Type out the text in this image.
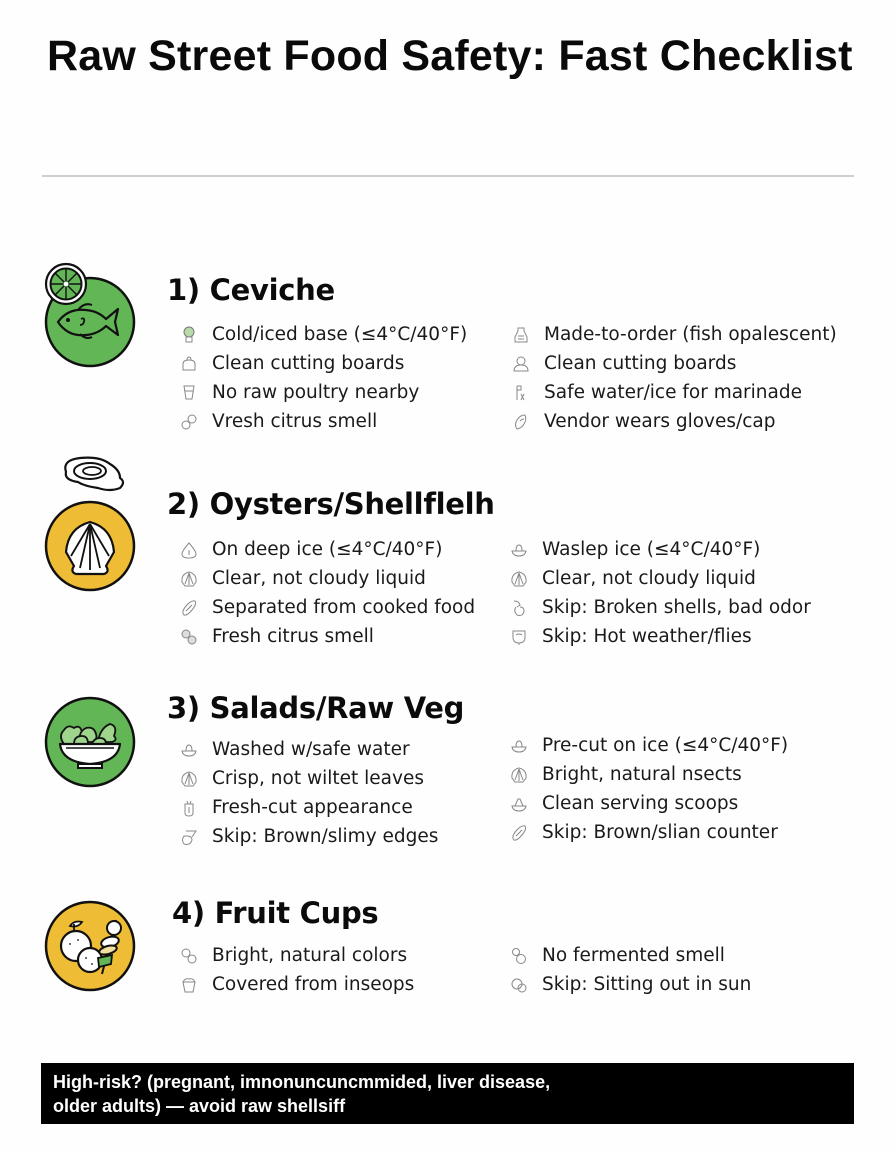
Raw Street Food Safety: Fast Checklist
1) Ceviche
Cold/iced base (≤4°C/40°F)
Clean cutting boards
No raw poultry nearby
Vresh citrus smell
Made-to-order (fish opalescent)
Clean cutting boards
Safe water/ice for marinade
Vendor wears gloves/cap
2) Oysters/Shellflelh
On deep ice (≤4°C/40°F)
Clear, not cloudy liquid
Separated from cooked food
Fresh citrus smell
Waslep ice (≤4°C/40°F)
Clear, not cloudy liquid
Skip: Broken shells, bad odor
Skip: Hot weather/flies
3) Salads/Raw Veg
Washed w/safe water
Crisp, not wiltet leaves
Fresh-cut appearance
Skip: Brown/slimy edges
Pre-cut on ice (≤4°C/40°F)
Bright, natural nsects
Clean serving scoops
Skip: Brown/slian counter
4) Fruit Cups
Bright, natural colors
Covered from inseops
No fermented smell
Skip: Sitting out in sun
High-risk? (pregnant, imnonuncuncmmided, liver disease,
older adults) — avoid raw shellsiff
